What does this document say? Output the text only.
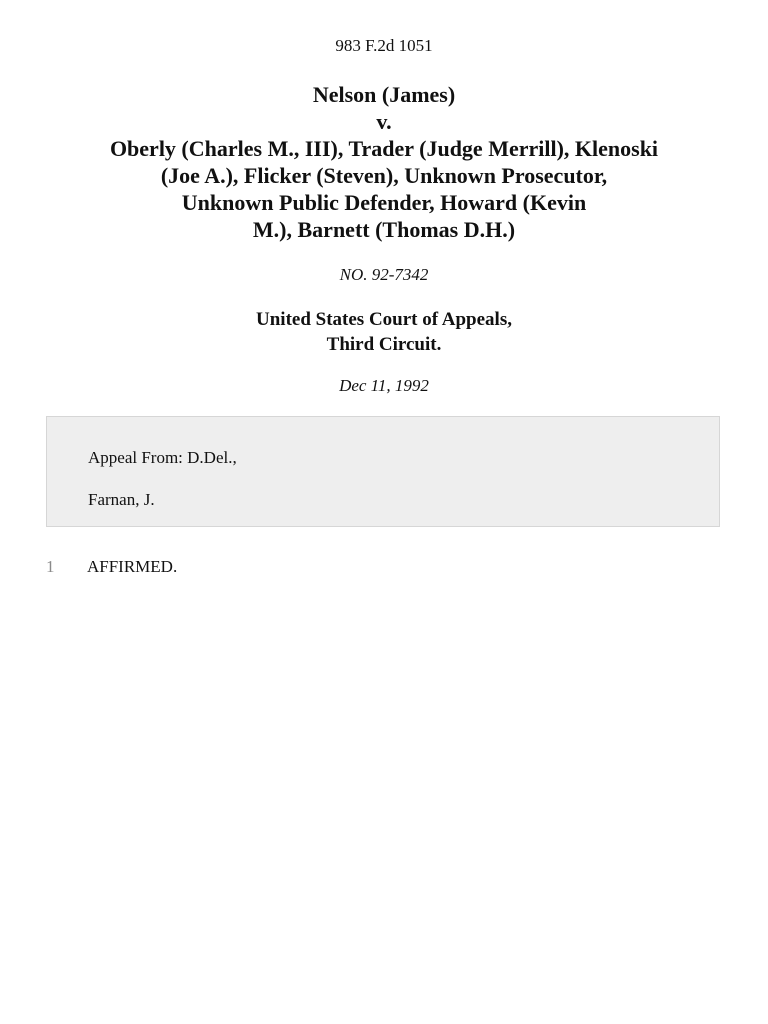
983 F.2d 1051
Nelson (James)
v.
Oberly (Charles M., III), Trader (Judge Merrill), Klenoski
(Joe A.), Flicker (Steven), Unknown Prosecutor,
Unknown Public Defender, Howard (Kevin
M.), Barnett (Thomas D.H.)
NO. 92-7342
United States Court of Appeals,
Third Circuit.
Dec 11, 1992
Appeal From: D.Del.,
Farnan, J.
1 AFFIRMED.
